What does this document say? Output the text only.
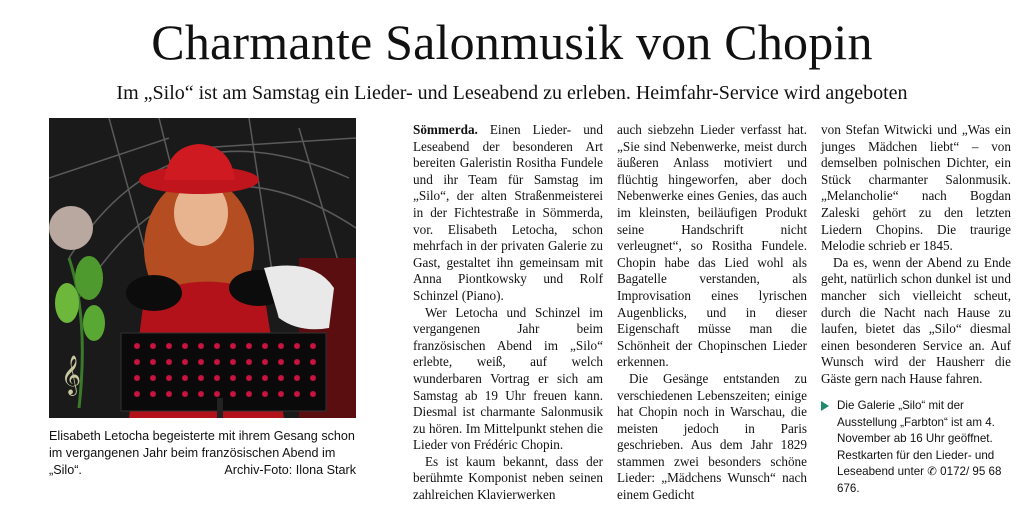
Charmante Salonmusik von Chopin
Im „Silo“ ist am Samstag ein Lieder- und Leseabend zu erleben. Heimfahr-Service wird angeboten
𝄞
Elisabeth Letocha begeisterte mit ihrem Gesang schon im vergangenen Jahr beim französischen Abend im „Silo“.	Archiv-Foto: Ilona Stark

Sömmerda. Einen Lieder- und Leseabend der besonderen Art bereiten Galeristin Rositha Fundele und ihr Team für Samstag im „Silo“, der alten Straßenmeisterei in der Fichtestraße in Sömmerda, vor. Elisabeth Letocha, schon mehrfach in der privaten Galerie zu Gast, gestaltet ihn gemeinsam mit Anna Piontkowsky und Rolf Schinzel (Piano).

Wer Letocha und Schinzel im vergangenen Jahr beim französischen Abend im „Silo“ erlebte, weiß, auf welch wunderbaren Vortrag er sich am Samstag ab 19 Uhr freuen kann. Diesmal ist charmante Salonmusik zu hören. Im Mittelpunkt stehen die Lieder von Frédéric Chopin.

Es ist kaum bekannt, dass der berühmte Komponist neben seinen zahlreichen Klavierwerken

auch siebzehn Lieder verfasst hat. „Sie sind Nebenwerke, meist durch äußeren Anlass motiviert und flüchtig hingeworfen, aber doch Nebenwerke eines Genies, das auch im kleinsten, beiläufigen Produkt seine Handschrift nicht verleugnet“, so Rositha Fundele. Chopin habe das Lied wohl als Bagatelle verstanden, als Improvisation eines lyrischen Augenblicks, und in dieser Eigenschaft müsse man die Schönheit der Chopinschen Lieder erkennen.

Die Gesänge entstanden zu verschiedenen Lebenszeiten; einige hat Chopin noch in Warschau, die meisten jedoch in Paris geschrieben. Aus dem Jahr 1829 stammen zwei besonders schöne Lieder: „Mädchens Wunsch“ nach einem Gedicht

von Stefan Witwicki und „Was ein junges Mädchen liebt“ – von demselben polnischen Dichter, ein Stück charmanter Salonmusik. „Melancholie“ nach Bogdan Zaleski gehört zu den letzten Liedern Chopins. Die traurige Melodie schrieb er 1845.

Da es, wenn der Abend zu Ende geht, natürlich schon dunkel ist und mancher sich vielleicht scheut, durch die Nacht nach Hause zu laufen, bietet das „Silo“ diesmal einen besonderen Service an. Auf Wunsch wird der Hausherr die Gäste gern nach Hause fahren.

Die Galerie „Silo“ mit der Ausstellung „Farbton“ ist am 4. November ab 16 Uhr geöffnet. Restkarten für den Lieder- und Leseabend unter ✆ 0172/ 95 68 676.
